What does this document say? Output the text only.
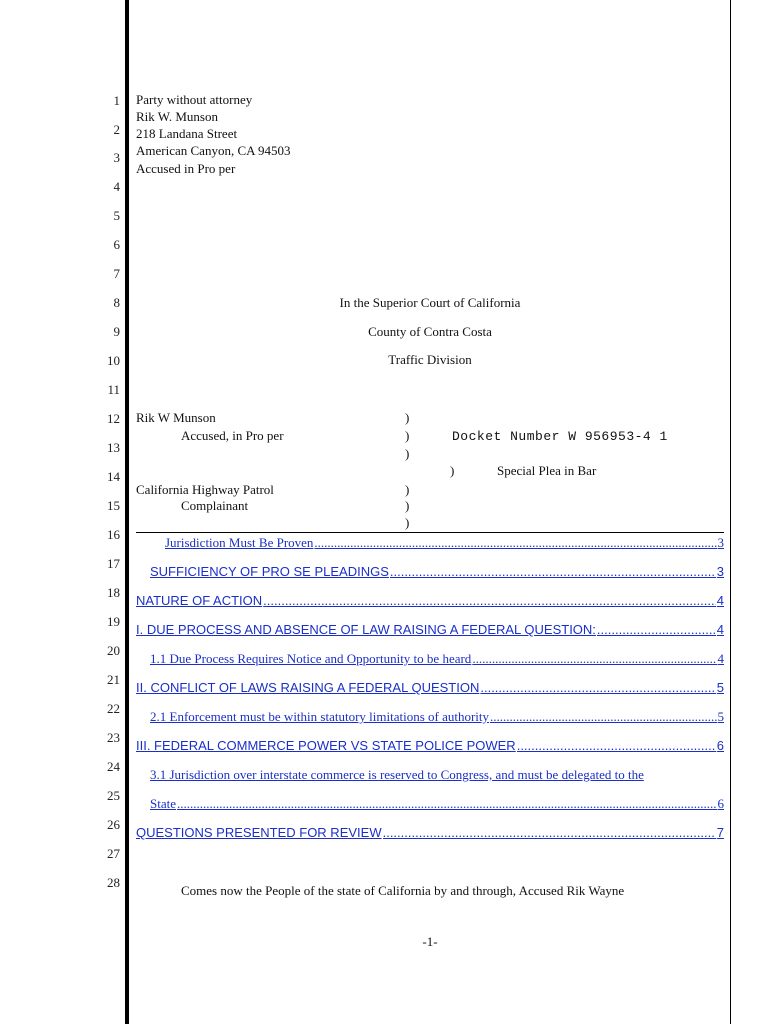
1
2
3
4
5
6
7
8
9
10
11
12
13
14
15
16
17
18
19
20
21
22
23
24
25
26
27
28
Party without attorney
Rik W. Munson
218 Landana Street
American Canyon, CA 94503
Accused in Pro per
In the Superior Court of California
County of Contra Costa
Traffic Division
Rik W Munson
Accused, in Pro per
California Highway Patrol
Complainant
)
)
)
)
)
)
Docket Number W 956953-4 1
)	Special Plea in Bar
Jurisdiction Must Be Proven .....	3
SUFFICIENCY OF PRO SE PLEADINGS .....	3
NATURE OF ACTION .....	4
I. DUE PROCESS AND ABSENCE OF LAW RAISING A FEDERAL QUESTION: .....	4
1.1 Due Process Requires Notice and Opportunity to be heard .....	4
II. CONFLICT OF LAWS RAISING A FEDERAL QUESTION .....	5
2.1 Enforcement must be within statutory limitations of authority .....	5
III. FEDERAL COMMERCE POWER VS STATE POLICE POWER .....	6
3.1 Jurisdiction over interstate commerce is reserved to Congress, and must be delegated to the
State .....	6
QUESTIONS PRESENTED FOR REVIEW .....	7
Comes now the People of the state of California by and through, Accused Rik Wayne
-1-
